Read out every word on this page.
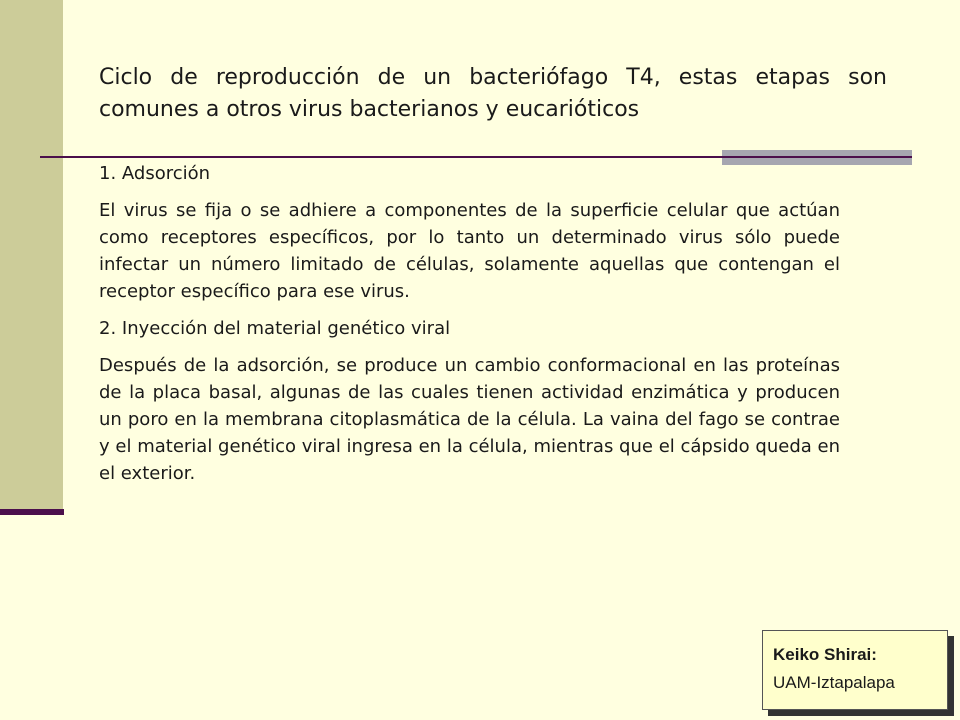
Ciclo de reproducción de un bacteriófago T4, estas etapas son comunes a otros virus bacterianos y eucarióticos

1. Adsorción

El virus se fija o se adhiere a componentes de la superficie celular que actúan como receptores específicos, por lo tanto un determinado virus sólo puede infectar un número limitado de células, solamente aquellas que contengan el receptor específico para ese virus.

2. Inyección del material genético viral

Después de la adsorción, se produce un cambio conformacional en las proteínas de la placa basal, algunas de las cuales tienen actividad enzimática y producen un poro en la membrana citoplasmática de la célula. La vaina del fago se contrae y el material genético viral ingresa en la célula, mientras que el cápsido queda en el exterior.

Keiko Shirai:
UAM-Iztapalapa
